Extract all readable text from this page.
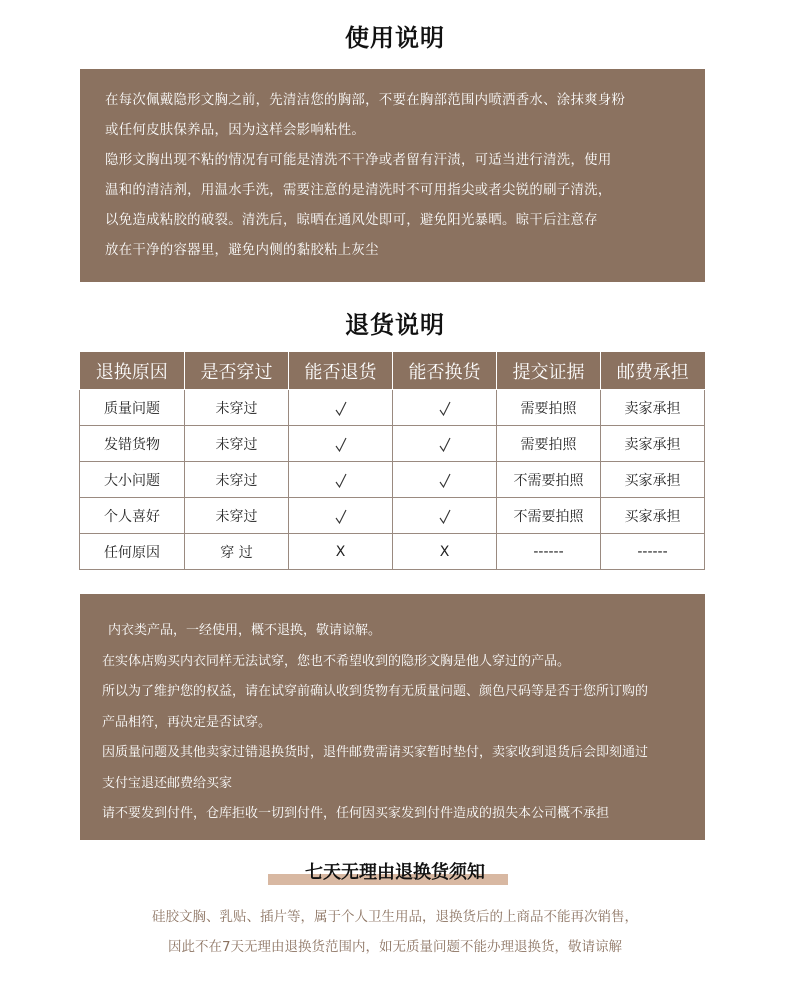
使用说明
在每次佩戴隐形文胸之前，先清洁您的胸部，不要在胸部范围内喷洒香水、涂抹爽身粉
或任何皮肤保养品，因为这样会影响粘性。
隐形文胸出现不粘的情况有可能是清洗不干净或者留有汗渍，可适当进行清洗，使用
温和的清洁剂，用温水手洗，需要注意的是清洗时不可用指尖或者尖锐的刷子清洗，
以免造成粘胶的破裂。清洗后，晾晒在通风处即可，避免阳光暴晒。晾干后注意存
放在干净的容器里，避免内侧的黏胶粘上灰尘
退货说明
退换原因	是否穿过	能否退货	能否换货	提交证据	邮费承担
质量问题	未穿过			需要拍照	卖家承担
发错货物	未穿过			需要拍照	卖家承担
大小问题	未穿过			不需要拍照	买家承担
个人喜好	未穿过			不需要拍照	买家承担
任何原因	穿 过	X	X	------	------
内衣类产品，一经使用，概不退换，敬请谅解。
在实体店购买内衣同样无法试穿，您也不希望收到的隐形文胸是他人穿过的产品。
所以为了维护您的权益，请在试穿前确认收到货物有无质量问题、颜色尺码等是否于您所订购的
产品相符，再决定是否试穿。
因质量问题及其他卖家过错退换货时，退件邮费需请买家暂时垫付，卖家收到退货后会即刻通过
支付宝退还邮费给买家
请不要发到付件，仓库拒收一切到付件，任何因买家发到付件造成的损失本公司概不承担
七天无理由退换货须知
硅胶文胸、乳贴、插片等，属于个人卫生用品，退换货后的上商品不能再次销售，
因此不在7天无理由退换货范围内，如无质量问题不能办理退换货，敬请谅解
